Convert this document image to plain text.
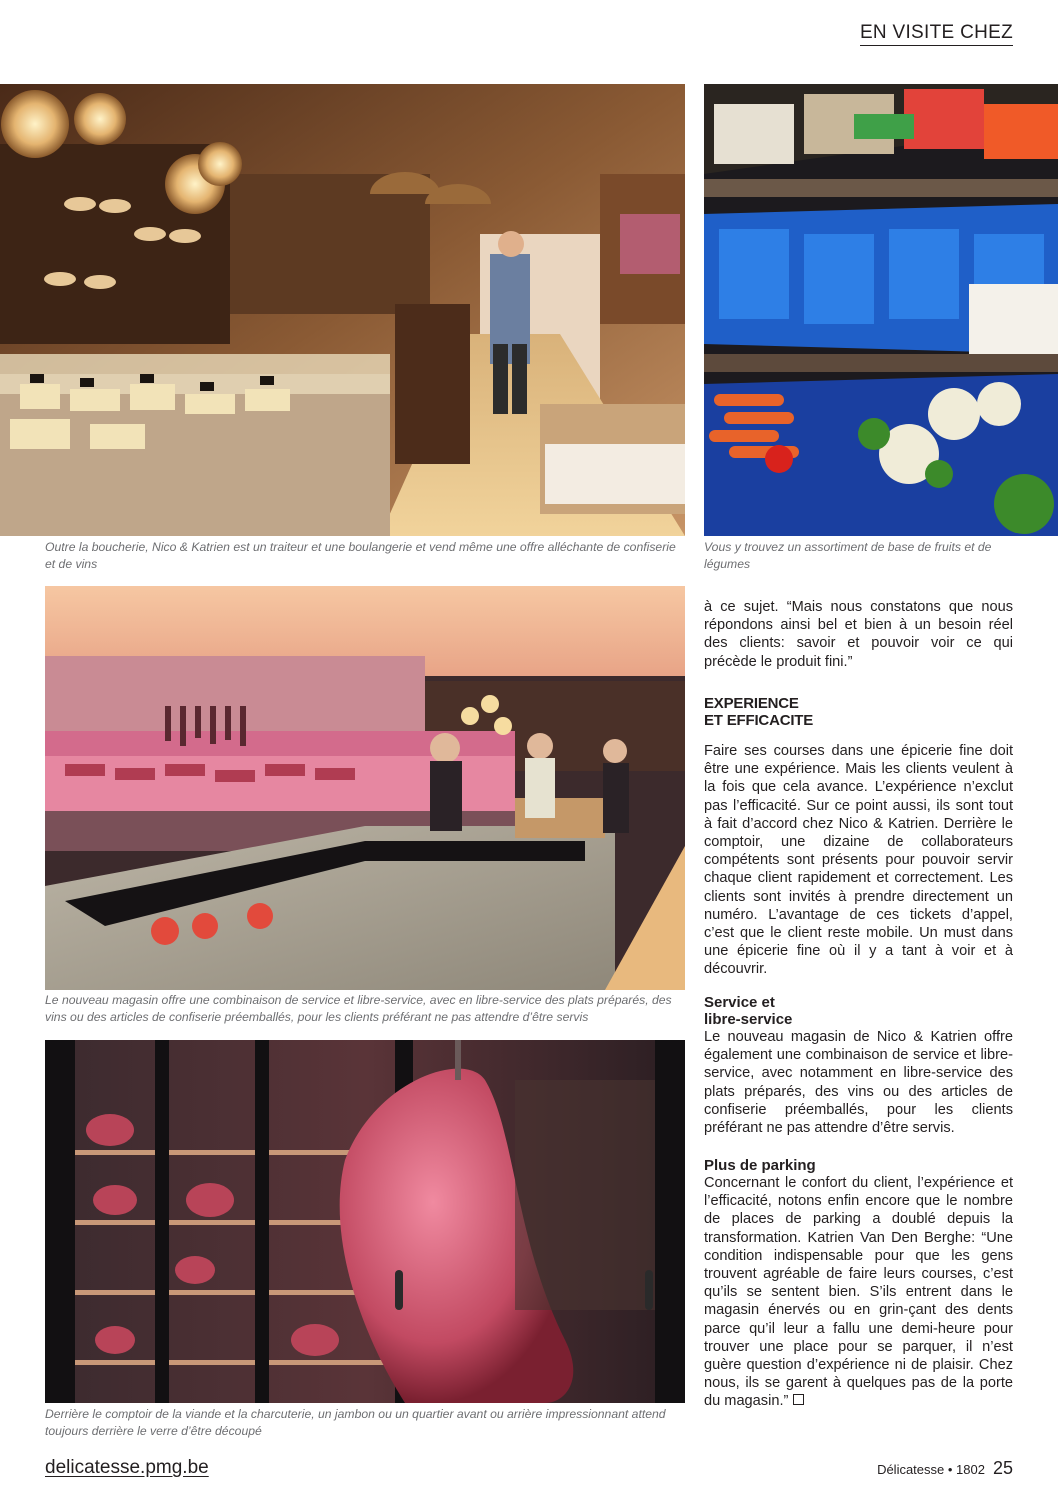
EN VISITE CHEZ
Outre la boucherie, Nico & Katrien est un traiteur et une boulangerie et vend même une offre alléchante de confiserie et de vins
Vous y trouvez un assortiment de base de fruits et de légumes
Le nouveau magasin offre une combinaison de service et libre-service, avec en libre-service des plats préparés, des vins ou des articles de confiserie préemballés, pour les clients préférant ne pas attendre d’être servis
Derrière le comptoir de la viande et la charcuterie, un jambon ou un quartier avant ou arrière impressionnant attend toujours derrière le verre d’être découpé

à ce sujet. “Mais nous constatons que nous répondons ainsi bel et bien à un besoin réel des clients: savoir et pouvoir voir ce qui précède le produit fini.”

EXPERIENCE
ET EFFICACITE

Faire ses courses dans une épicerie fine doit être une expérience. Mais les clients veulent à la fois que cela avance. L’expérience n’exclut pas l’efficacité. Sur ce point aussi, ils sont tout à fait d’accord chez Nico & Katrien. Derrière le comptoir, une dizaine de collaborateurs compétents sont présents pour pouvoir servir chaque client rapidement et correctement. Les clients sont invités à prendre directement un numéro. L’avantage de ces tickets d’appel, c’est que le client reste mobile. Un must dans une épicerie fine où il y a tant à voir et à découvrir.

Service et
libre-service

Le nouveau magasin de Nico & Katrien offre également une combinaison de service et libre-service, avec notamment en libre-service des plats préparés, des vins ou des articles de confiserie préemballés, pour les clients préférant ne pas attendre d’être servis.

Plus de parking

Concernant le confort du client, l’expérience et l’efficacité, notons enfin encore que le nombre de places de parking a doublé depuis la transformation. Katrien Van Den Berghe: “Une condition indispensable pour que les gens trouvent agréable de faire leurs courses, c’est qu’ils se sentent bien. S’ils entrent dans le magasin énervés ou en grin-çant des dents parce qu’il leur a fallu une demi-heure pour trouver une place pour se parquer, il n’est guère question d’expérience ni de plaisir. Chez nous, ils se garent à quelques pas de la porte du magasin.”

delicatesse.pmg.be	Délicatesse • 1802 25
